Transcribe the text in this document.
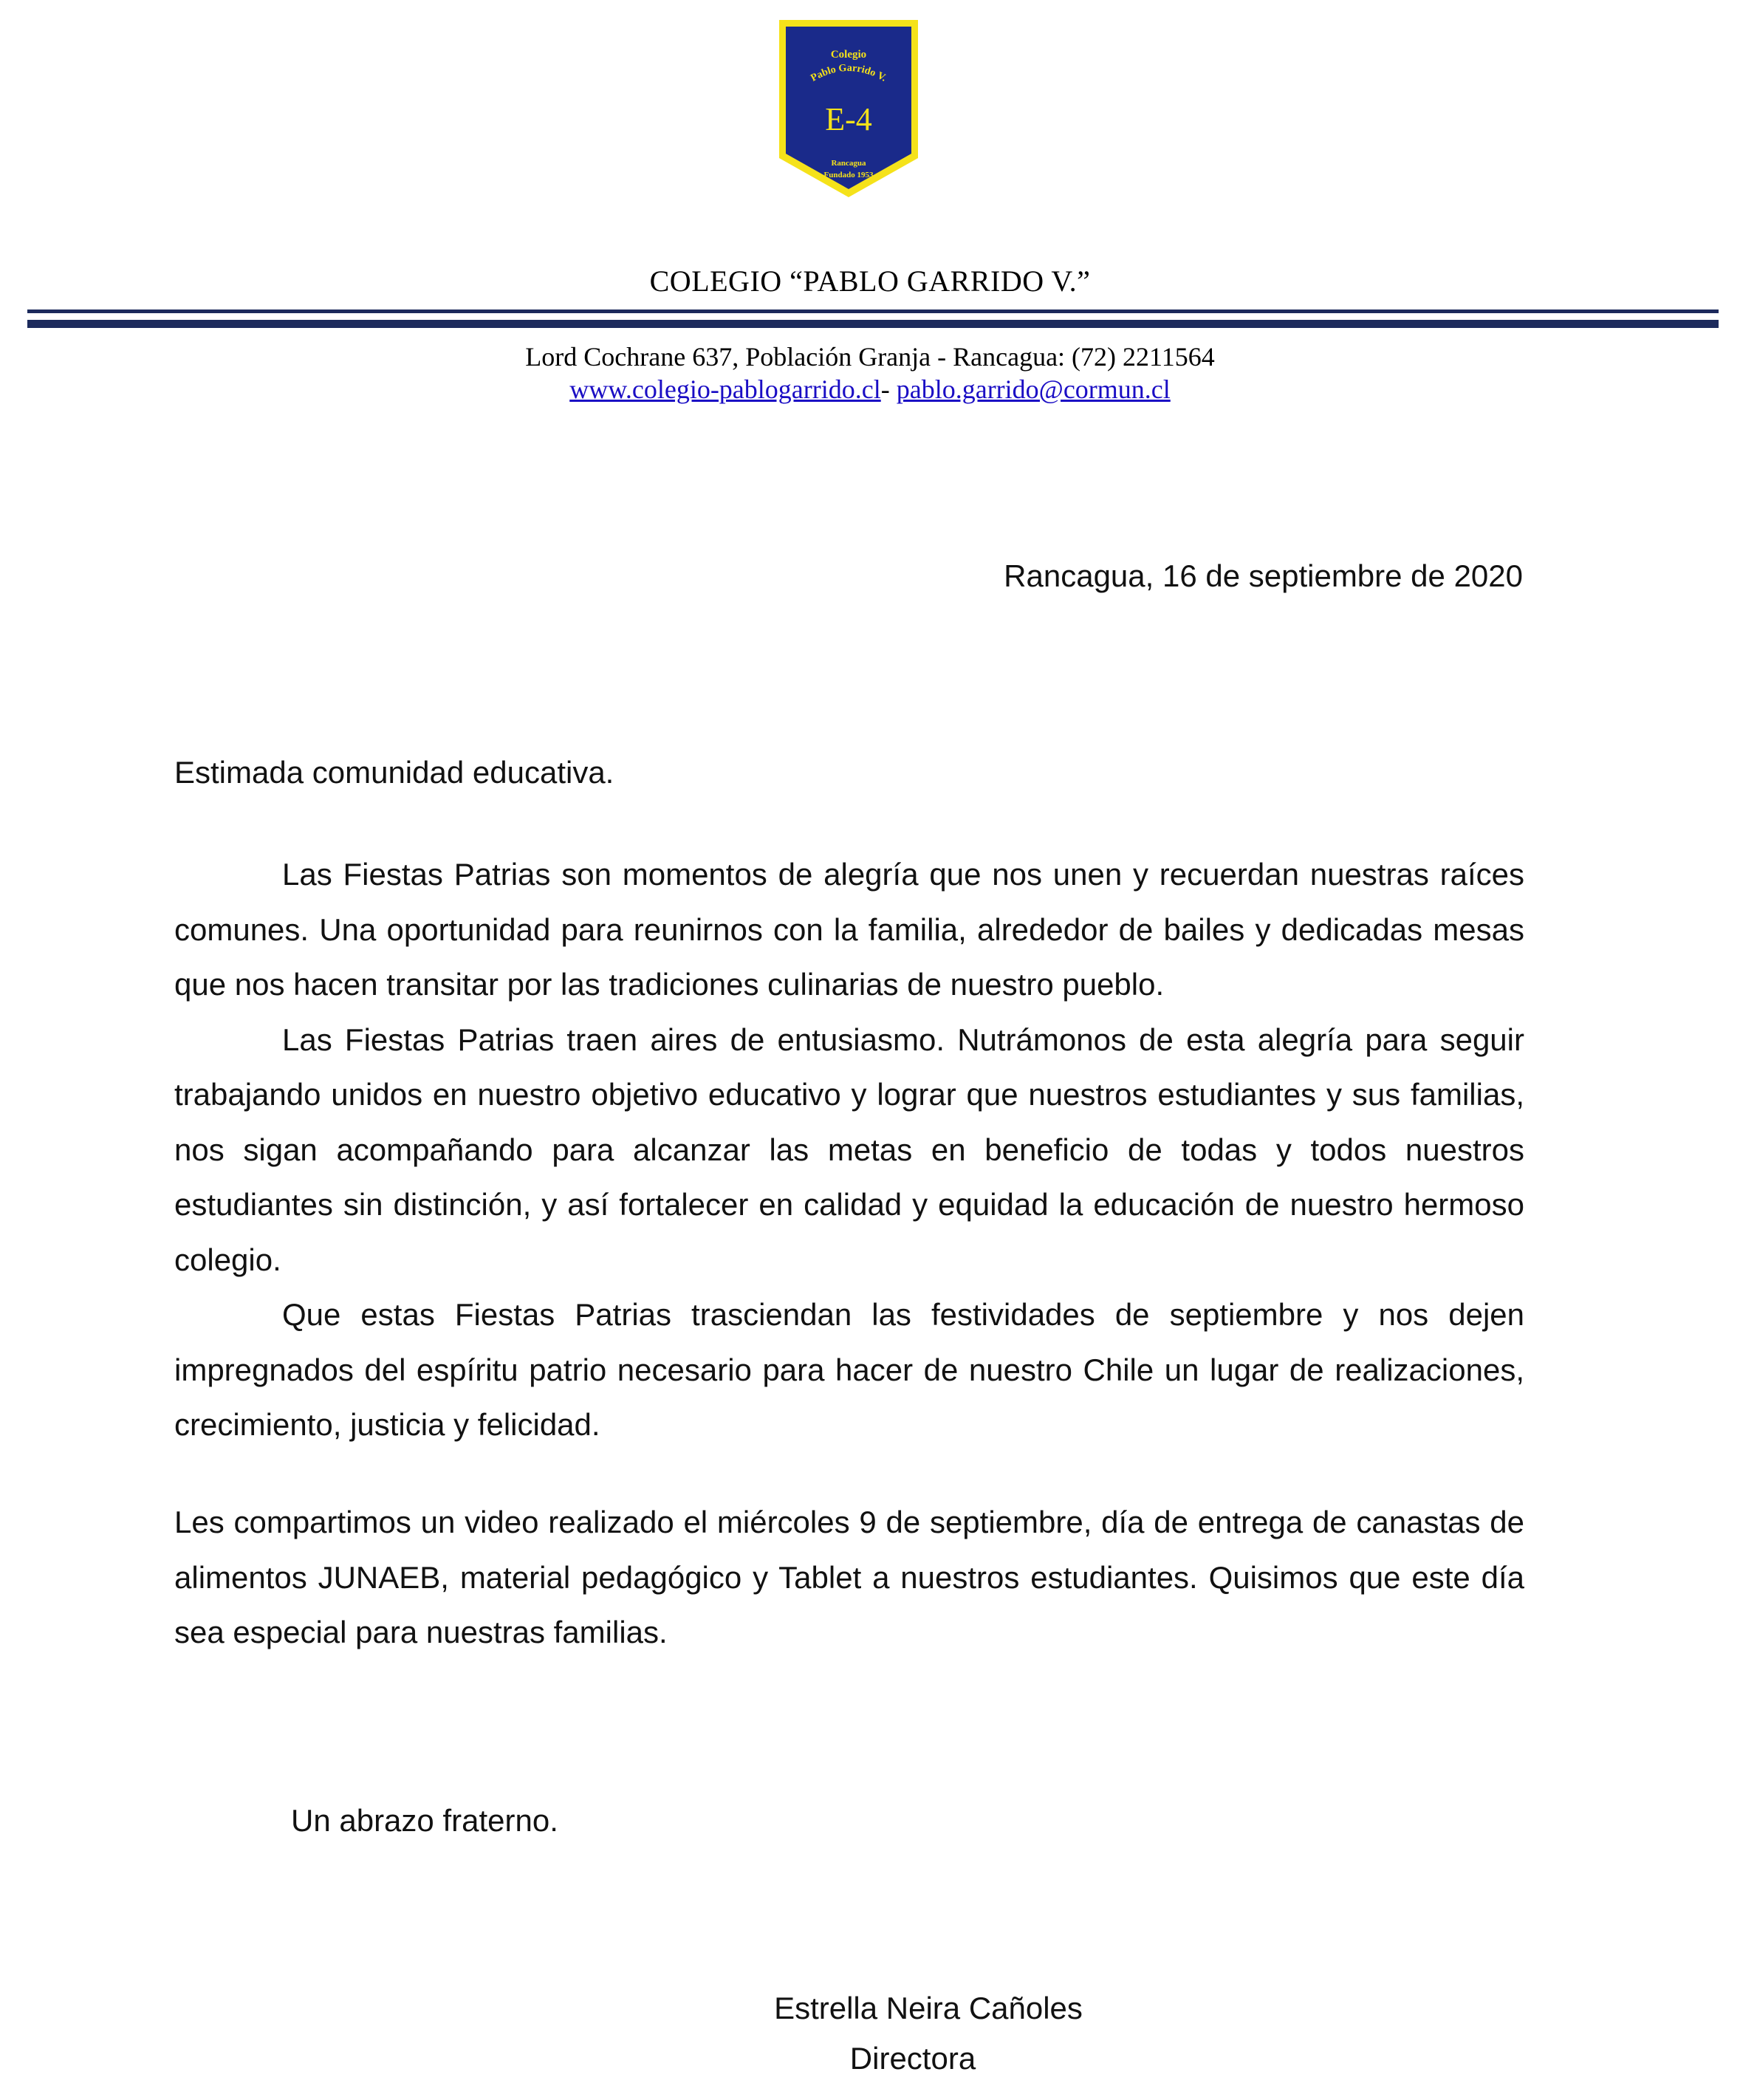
Colegio
Pablo Garrido V.
E-4
Rancagua
Fundado 1953
COLEGIO “PABLO GARRIDO V.”
Lord Cochrane 637, Población Granja - Rancagua: (72) 2211564
www.colegio-pablogarrido.cl- pablo.garrido@cormun.cl
Rancagua, 16 de septiembre de 2020
Estimada comunidad educativa.

Las Fiestas Patrias son momentos de alegría que nos unen y recuerdan nuestras raíces comunes. Una oportunidad para reunirnos con la familia, alrededor de bailes y dedicadas mesas que nos hacen transitar por las tradiciones culinarias de nuestro pueblo.

Las Fiestas Patrias traen aires de entusiasmo. Nutrámonos de esta alegría para seguir trabajando unidos en nuestro objetivo educativo y lograr que nuestros estudiantes y sus familias, nos sigan acompañando para alcanzar las metas en beneficio de todas y todos nuestros estudiantes sin distinción, y así fortalecer en calidad y equidad la educación de nuestro hermoso colegio.

Que estas Fiestas Patrias trasciendan las festividades de septiembre y nos dejen impregnados del espíritu patrio necesario para hacer de nuestro Chile un lugar de realizaciones, crecimiento, justicia y felicidad.

Les compartimos un video realizado el miércoles 9 de septiembre, día de entrega de canastas de alimentos JUNAEB, material pedagógico y Tablet a nuestros estudiantes. Quisimos que este día sea especial para nuestras familias.

Un abrazo fraterno.
Estrella Neira Cañoles
Directora
